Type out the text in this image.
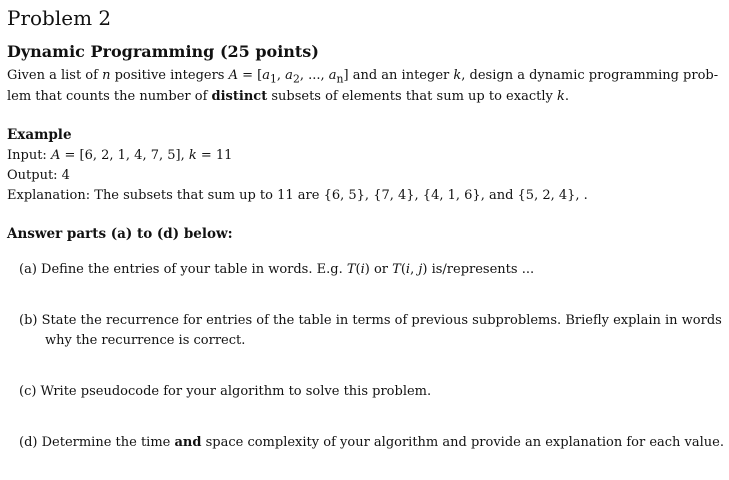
Problem 2
Dynamic Programming (25 points)
Given a list of n positive integers $A = [a_1$, $a_2$, ..., $a_n$] and an integer k, design a dynamic programming prob-
lem that counts the number of distinct subsets of elements that sum up to exactly k.
Example
Input: A = [6, 2, 1, 4, 7, 5], k = 11
Output: 4
Explanation: The subsets that sum up to 11 are {6, 5}, {7, 4}, {4, 1, 6}, and {5, 2, 4}, .
Answer parts (a) to (d) below:
(a) Define the entries of your table in words. E.g. T(i) or T(i, j) is/represents ...
(b) State the recurrence for entries of the table in terms of previous subproblems. Briefly explain in words
why the recurrence is correct.
(c) Write pseudocode for your algorithm to solve this problem.
(d) Determine the time and space complexity of your algorithm and provide an explanation for each value.
